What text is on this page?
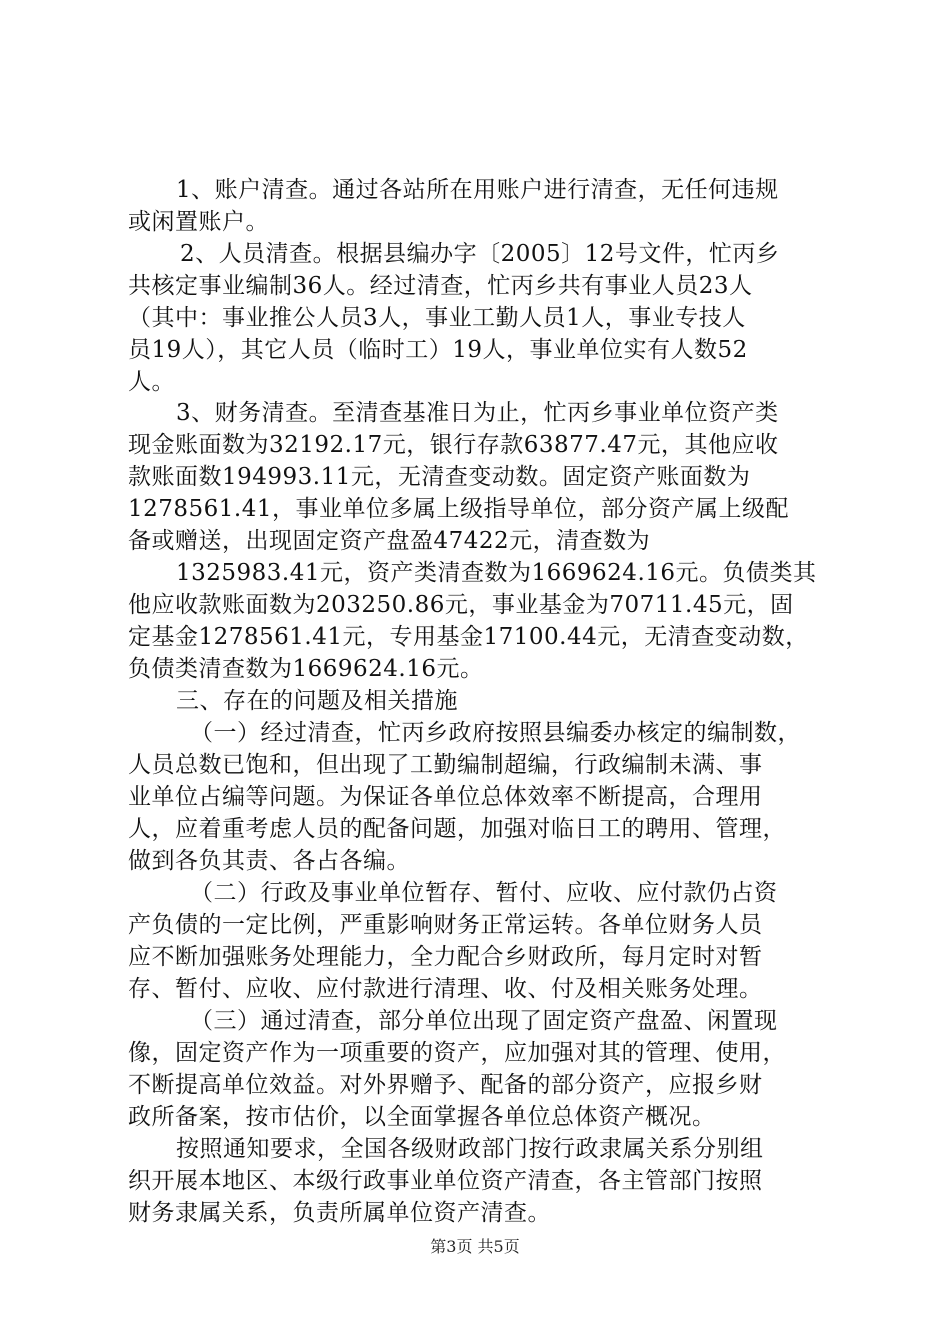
1、账户清查。通过各站所在用账户进行清查，无任何违规
或闲置账户。
2、人员清查。根据县编办字〔2005〕12号文件，忙丙乡
共核定事业编制36人。经过清查，忙丙乡共有事业人员23人
（其中：事业推公人员3人，事业工勤人员1人，事业专技人
员19人），其它人员（临时工）19人，事业单位实有人数52
人。
3、财务清查。至清查基准日为止，忙丙乡事业单位资产类
现金账面数为32192.17元，银行存款63877.47元，其他应收
款账面数194993.11元，无清查变动数。固定资产账面数为
1278561.41，事业单位多属上级指导单位，部分资产属上级配
备或赠送，出现固定资产盘盈47422元，清查数为
1325983.41元，资产类清查数为1669624.16元。负债类其
他应收款账面数为203250.86元，事业基金为70711.45元，固
定基金1278561.41元，专用基金17100.44元，无清查变动数，
负债类清查数为1669624.16元。
三、存在的问题及相关措施
（一）经过清查，忙丙乡政府按照县编委办核定的编制数，
人员总数已饱和，但出现了工勤编制超编，行政编制未满、事
业单位占编等问题。为保证各单位总体效率不断提高，合理用
人，应着重考虑人员的配备问题，加强对临日工的聘用、管理，
做到各负其责、各占各编。
（二）行政及事业单位暂存、暂付、应收、应付款仍占资
产负债的一定比例，严重影响财务正常运转。各单位财务人员
应不断加强账务处理能力，全力配合乡财政所，每月定时对暂
存、暂付、应收、应付款进行清理、收、付及相关账务处理。
（三）通过清查，部分单位出现了固定资产盘盈、闲置现
像，固定资产作为一项重要的资产，应加强对其的管理、使用，
不断提高单位效益。对外界赠予、配备的部分资产，应报乡财
政所备案，按市估价，以全面掌握各单位总体资产概况。
按照通知要求，全国各级财政部门按行政隶属关系分别组
织开展本地区、本级行政事业单位资产清查，各主管部门按照
财务隶属关系，负责所属单位资产清查。
第3页 共5页
